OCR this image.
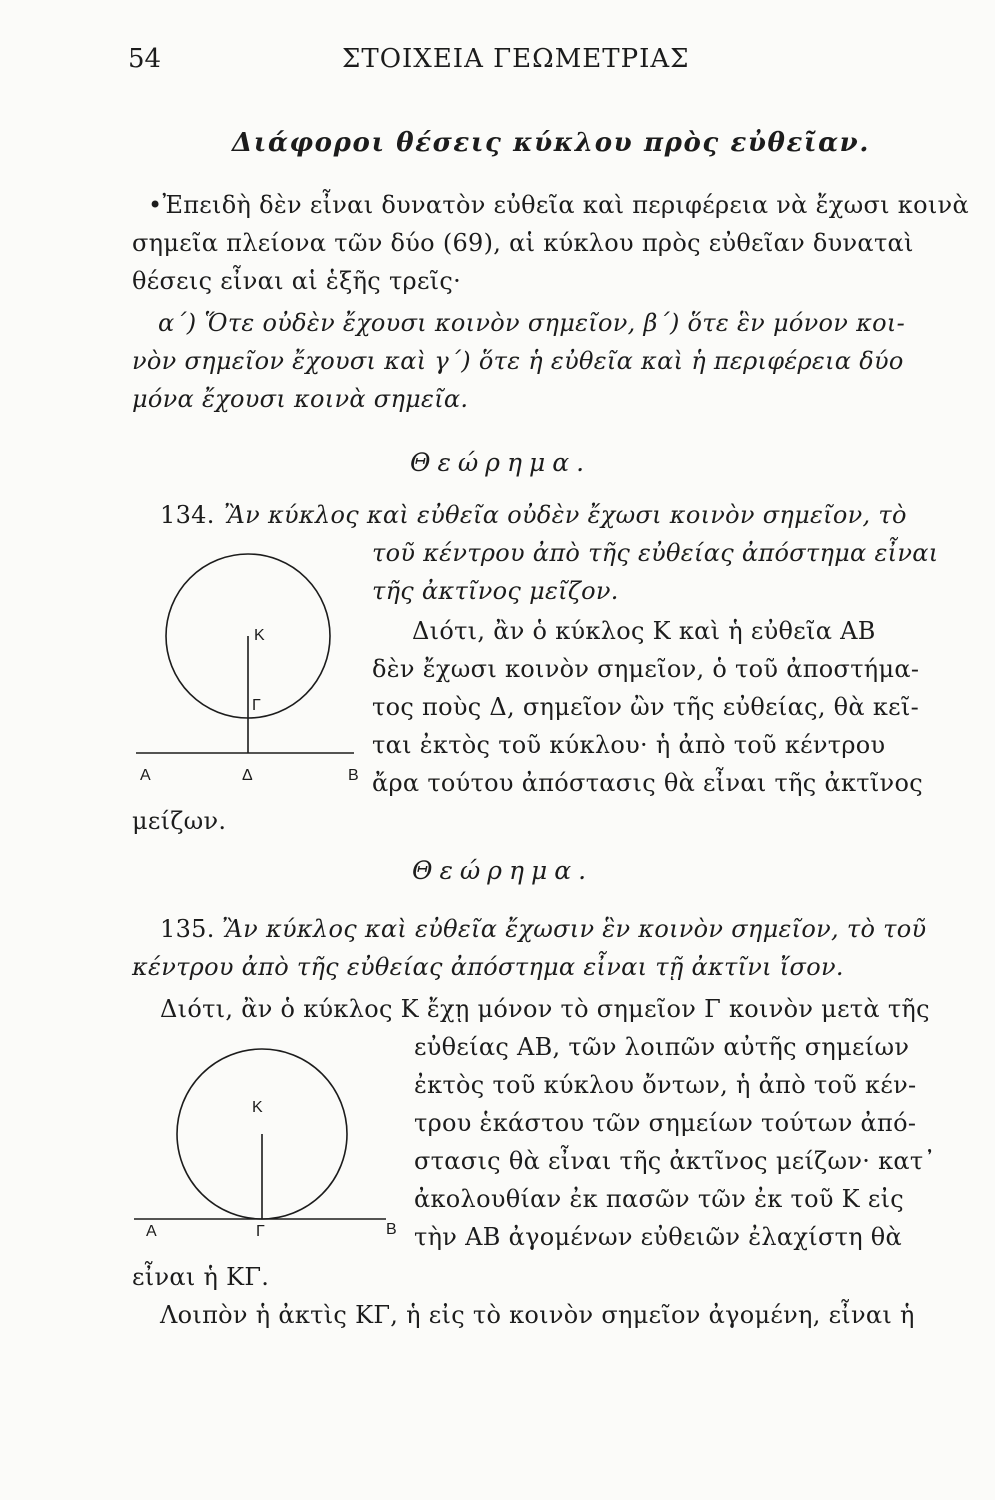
54	ΣΤΟΙΧΕΙΑ ΓΕΩΜΕΤΡΙΑΣ
Διάφοροι θέσεις κύκλου πρὸς εὐθεῖαν.
•Ἐπειδὴ δὲν εἶναι δυνατὸν εὐθεῖα καὶ περιφέρεια νὰ ἔχωσι κοινὰ
σημεῖα πλείονα τῶν δύο (69), αἱ κύκλου πρὸς εὐθεῖαν δυναταὶ
θέσεις εἶναι αἱ ἑξῆς τρεῖς·
α΄) Ὅτε οὐδὲν ἔχουσι κοινὸν σημεῖον, β΄) ὅτε ἓν μόνον κοι-
νὸν σημεῖον ἔχουσι καὶ γ΄) ὅτε ἡ εὐθεῖα καὶ ἡ περιφέρεια δύο
μόνα ἔχουσι κοινὰ σημεῖα.
Θεώρημα.
134. Ἂν κύκλος καὶ εὐθεῖα οὐδὲν ἔχωσι κοινὸν σημεῖον, τὸ
τοῦ κέντρου ἀπὸ τῆς εὐθείας ἀπόστημα εἶναι
τῆς ἀκτῖνος μεῖζον.
Διότι, ἂν ὁ κύκλος Κ καὶ ἡ εὐθεῖα ΑΒ
δὲν ἔχωσι κοινὸν σημεῖον, ὁ τοῦ ἀποστήμα-
τος ποὺς Δ, σημεῖον ὢν τῆς εὐθείας, θὰ κεῖ-
ται ἐκτὸς τοῦ κύκλου· ἡ ἀπὸ τοῦ κέντρου
ἄρα τούτου ἀπόστασις θὰ εἶναι τῆς ἀκτῖνος
μείζων.
Κ
Γ
Α	Δ	Β
Θεώρημα.
135. Ἂν κύκλος καὶ εὐθεῖα ἔχωσιν ἓν κοινὸν σημεῖον, τὸ τοῦ
κέντρου ἀπὸ τῆς εὐθείας ἀπόστημα εἶναι τῇ ἀκτῖνι ἴσον.
Διότι, ἂν ὁ κύκλος Κ ἔχῃ μόνον τὸ σημεῖον Γ κοινὸν μετὰ τῆς
εὐθείας ΑΒ, τῶν λοιπῶν αὐτῆς σημείων
ἐκτὸς τοῦ κύκλου ὄντων, ἡ ἀπὸ τοῦ κέν-
τρου ἑκάστου τῶν σημείων τούτων ἀπό-
στασις θὰ εἶναι τῆς ἀκτῖνος μείζων· κατ᾽
ἀκολουθίαν ἐκ πασῶν τῶν ἐκ τοῦ Κ εἰς
τὴν ΑΒ ἀγομένων εὐθειῶν ἐλαχίστη θὰ
εἶναι ἡ ΚΓ.
Λοιπὸν ἡ ἀκτὶς ΚΓ, ἡ εἰς τὸ κοινὸν σημεῖον ἀγομένη, εἶναι ἡ
Κ
Α	Γ	Β
